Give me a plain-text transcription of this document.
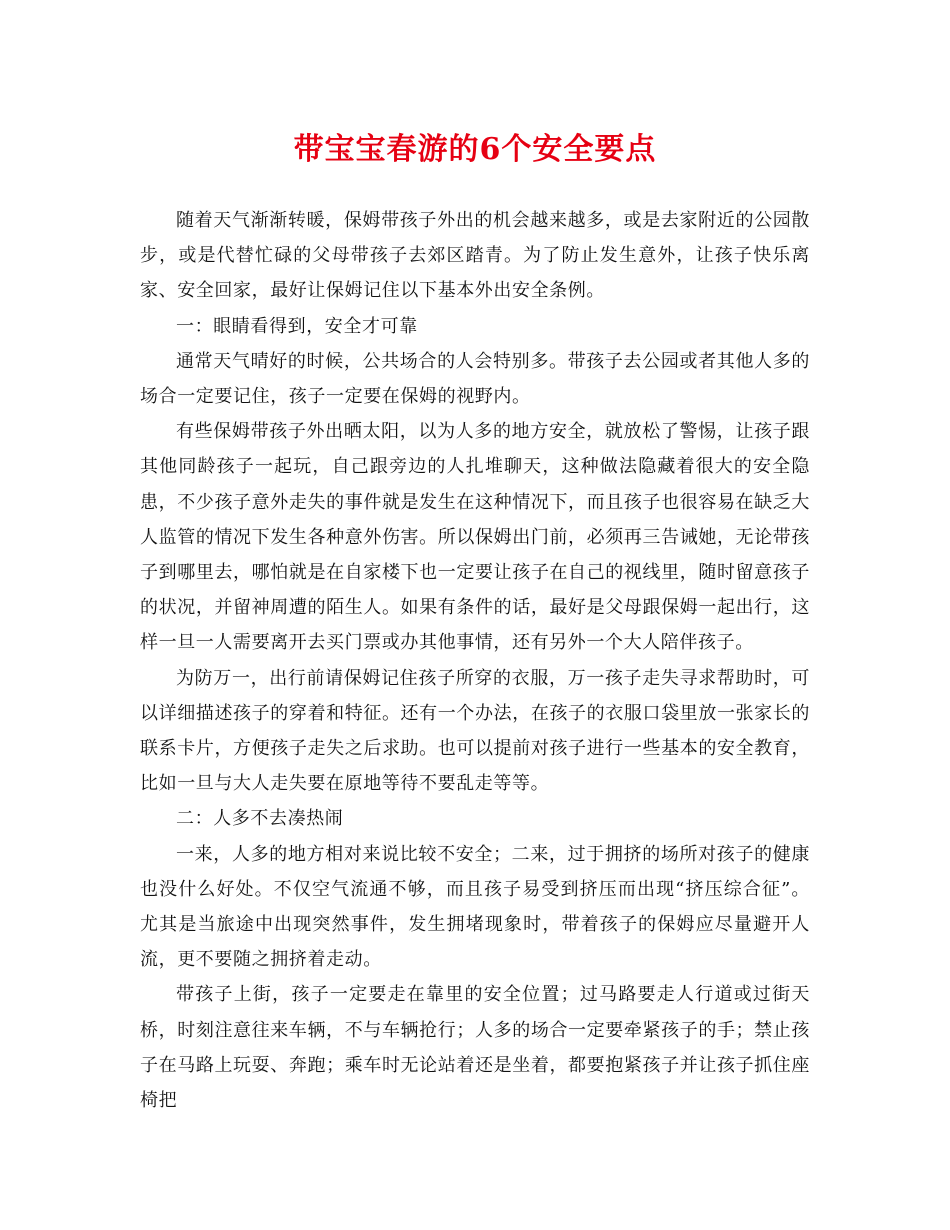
带宝宝春游的6个安全要点

随着天气渐渐转暖，保姆带孩子外出的机会越来越多，或是去家附近的公园散步，或是代替忙碌的父母带孩子去郊区踏青。为了防止发生意外，让孩子快乐离家、安全回家，最好让保姆记住以下基本外出安全条例。

一：眼睛看得到，安全才可靠

通常天气晴好的时候，公共场合的人会特别多。带孩子去公园或者其他人多的场合一定要记住，孩子一定要在保姆的视野内。

有些保姆带孩子外出晒太阳，以为人多的地方安全，就放松了警惕，让孩子跟其他同龄孩子一起玩，自己跟旁边的人扎堆聊天，这种做法隐藏着很大的安全隐患，不少孩子意外走失的事件就是发生在这种情况下，而且孩子也很容易在缺乏大人监管的情况下发生各种意外伤害。所以保姆出门前，必须再三告诫她，无论带孩子到哪里去，哪怕就是在自家楼下也一定要让孩子在自己的视线里，随时留意孩子的状况，并留神周遭的陌生人。如果有条件的话，最好是父母跟保姆一起出行，这样一旦一人需要离开去买门票或办其他事情，还有另外一个大人陪伴孩子。

为防万一，出行前请保姆记住孩子所穿的衣服，万一孩子走失寻求帮助时，可以详细描述孩子的穿着和特征。还有一个办法，在孩子的衣服口袋里放一张家长的联系卡片，方便孩子走失之后求助。也可以提前对孩子进行一些基本的安全教育，比如一旦与大人走失要在原地等待不要乱走等等。

二：人多不去凑热闹

一来，人多的地方相对来说比较不安全；二来，过于拥挤的场所对孩子的健康也没什么好处。不仅空气流通不够，而且孩子易受到挤压而出现“挤压综合征”。尤其是当旅途中出现突然事件，发生拥堵现象时，带着孩子的保姆应尽量避开人流，更不要随之拥挤着走动。

带孩子上街，孩子一定要走在靠里的安全位置；过马路要走人行道或过街天桥，时刻注意往来车辆，不与车辆抢行；人多的场合一定要牵紧孩子的手；禁止孩子在马路上玩耍、奔跑；乘车时无论站着还是坐着，都要抱紧孩子并让孩子抓住座椅把
